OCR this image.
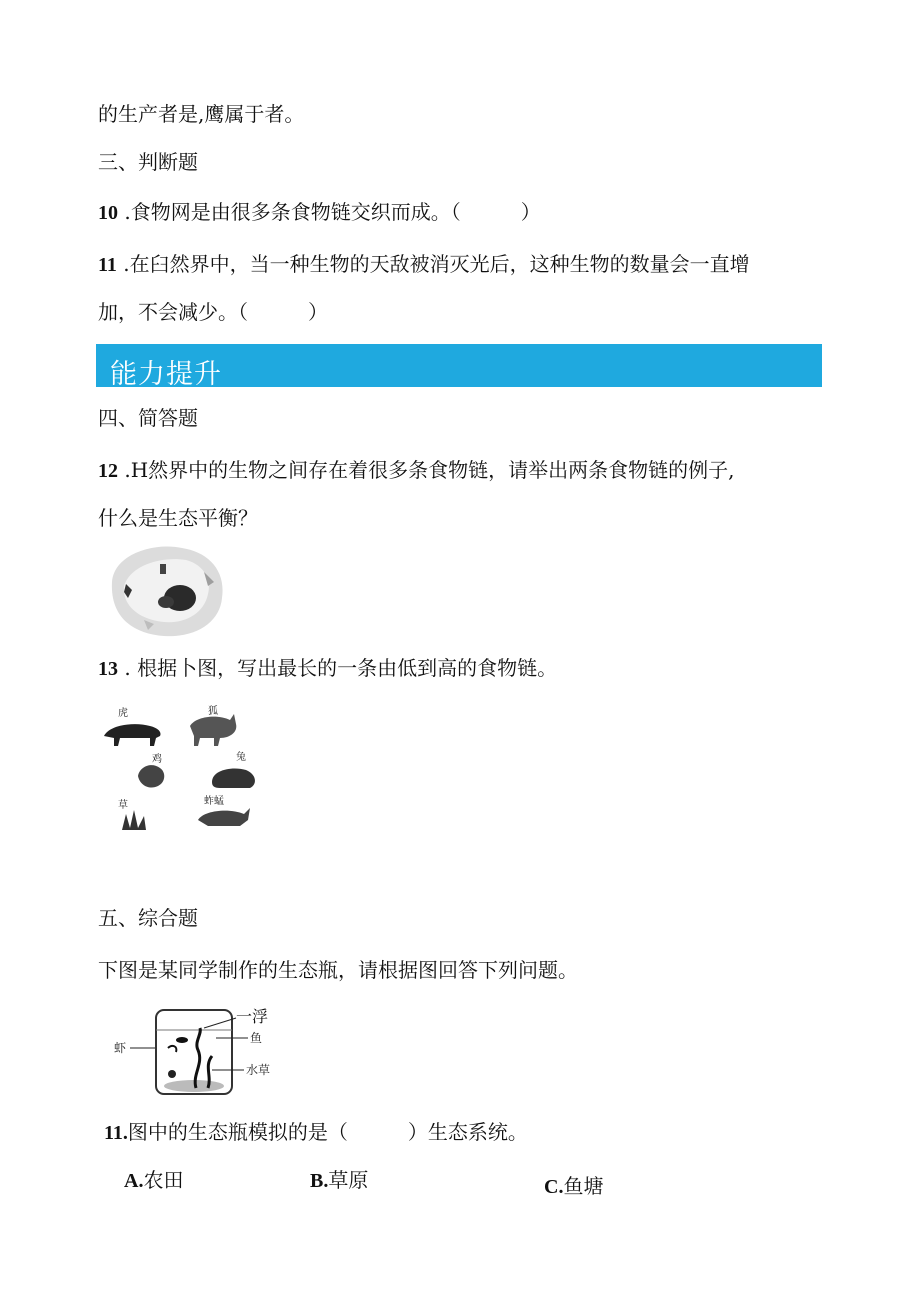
的生产者是,鹰属于者。
三、判断题
10 .食物网是由很多条食物链交织而成。（　　　）
11 .在臼然界中，当一种生物的天敌被消灭光后，这种生物的数量会一直增
加，不会减少。（　　　）
能力提升
四、简答题
12 .H然界中的生物之间存在着很多条食物链，请举出两条食物链的例子,
什么是生态平衡？
13 . 根据卜图，写出最长的一条由低到高的食物链。
虎	狐
鸡	兔
草	蚱蜢
五、综合题
下图是某同学制作的生态瓶，请根据图回答下列问题。
虾
一浮
鱼
水草
11.图中的生态瓶模拟的是（　　　）生态系统。
A.农田	B.草原	C.鱼塘
